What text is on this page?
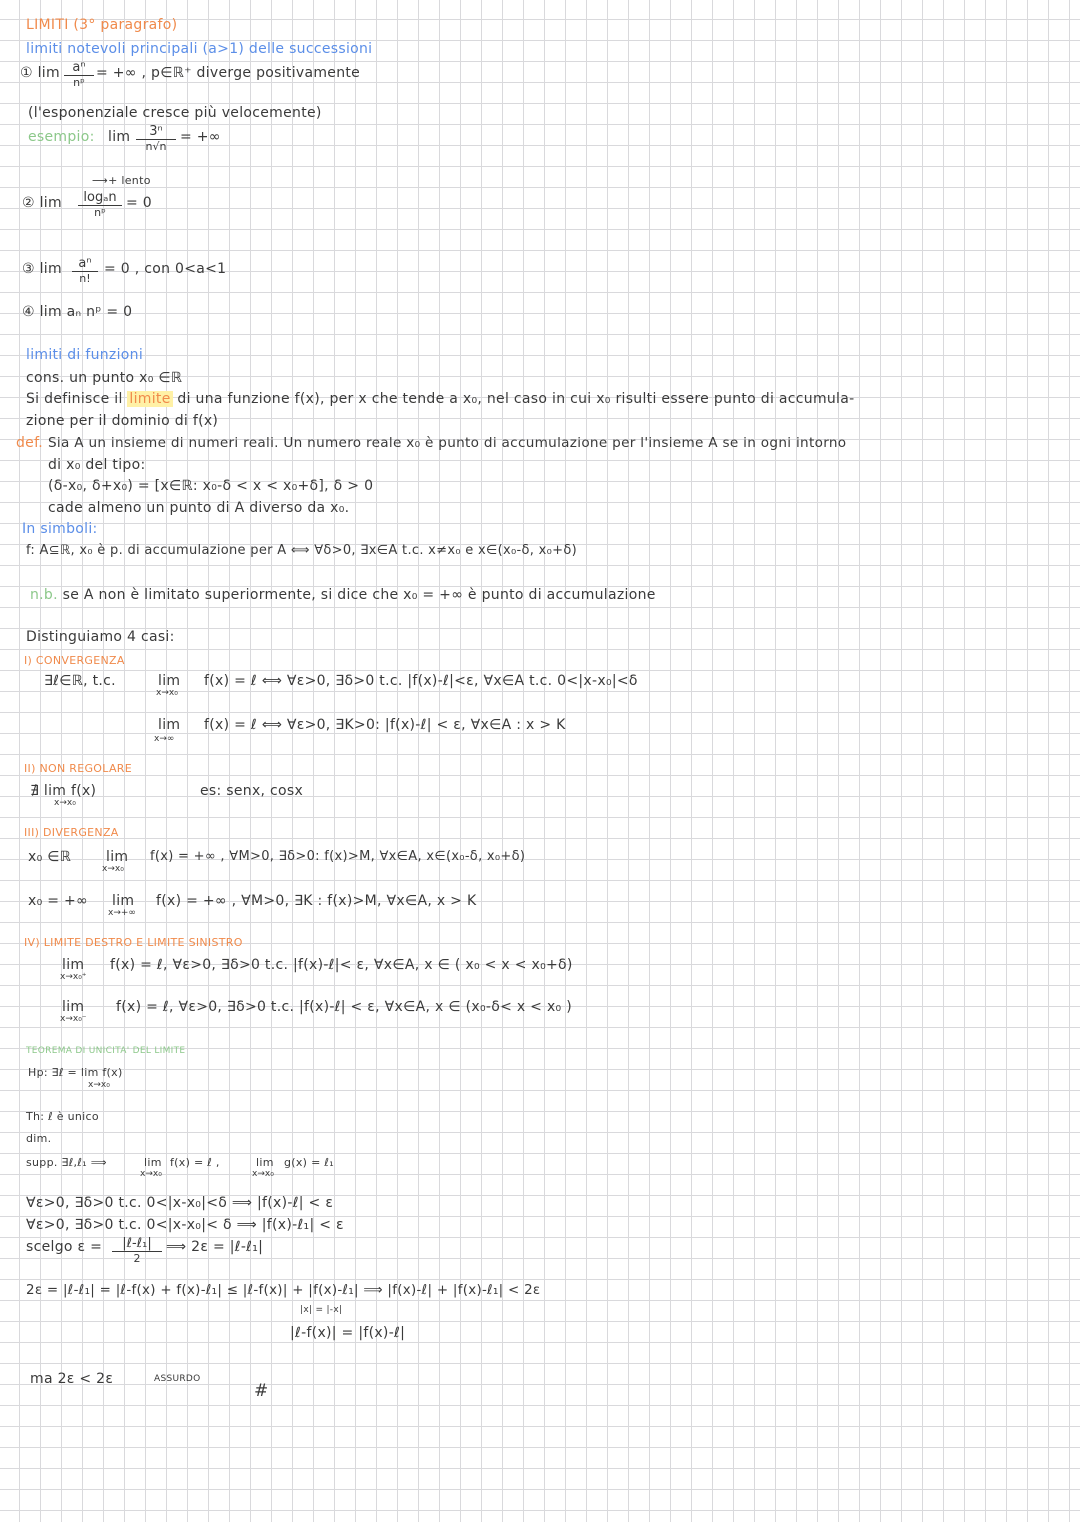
LIMITI (3° paragrafo)
limiti notevoli principali (a>1) delle successioni
① lim aⁿ
nᵖ
= +∞ , p∈ℝ⁺ diverge positivamente
(l'esponenziale cresce più velocemente)
esempio: lim	3ⁿ
n√n
= +∞
⟶+ lento
② lim	logₐn
nᵖ
= 0
③ lim	aⁿ
n!
= 0 , con 0<a<1
④ lim aₙ nᵖ = 0
limiti di funzioni
cons. un punto x₀ ∈ℝ
Si definisce il limite di una funzione f(x), per x che tende a x₀, nel caso in cui x₀ risulti essere punto di accumula-
zione per il dominio di f(x)
def. Sia A un insieme di numeri reali. Un numero reale x₀ è punto di accumulazione per l'insieme A se in ogni intorno
di x₀ del tipo:
(δ-x₀, δ+x₀) = [x∈ℝ: x₀-δ < x < x₀+δ], δ > 0
cade almeno un punto di A diverso da x₀.
In simboli:
f: A⊆ℝ, x₀ è p. di accumulazione per A ⟺ ∀δ>0, ∃x∈A t.c. x≠x₀ e x∈(x₀-δ, x₀+δ)
n.b. se A non è limitato superiormente, si dice che x₀ = +∞ è punto di accumulazione
Distinguiamo 4 casi:
I) CONVERGENZA
∃ℓ∈ℝ, t.c.	lim
x→x₀
f(x) = ℓ ⟺ ∀ε>0, ∃δ>0 t.c. |f(x)-ℓ|<ε, ∀x∈A t.c. 0<|x-x₀|<δ
lim
x→∞
f(x) = ℓ ⟺ ∀ε>0, ∃K>0: |f(x)-ℓ| < ε, ∀x∈A : x > K
II) NON REGOLARE
∄ lim f(x)
x→x₀
es: senx, cosx
III) DIVERGENZA
x₀ ∈ℝ lim
x→x₀
f(x) = +∞ , ∀M>0, ∃δ>0: f(x)>M, ∀x∈A, x∈(x₀-δ, x₀+δ)
x₀ = +∞ lim
x→+∞
f(x) = +∞ , ∀M>0, ∃K : f(x)>M, ∀x∈A, x > K
IV) LIMITE DESTRO E LIMITE SINISTRO
lim
x→x₀⁺
f(x) = ℓ, ∀ε>0, ∃δ>0 t.c. |f(x)-ℓ|< ε, ∀x∈A, x ∈ ( x₀ < x < x₀+δ)
lim
x→x₀⁻
f(x) = ℓ, ∀ε>0, ∃δ>0 t.c. |f(x)-ℓ| < ε, ∀x∈A, x ∈ (x₀-δ< x < x₀ )
TEOREMA DI UNICITA' DEL LIMITE
Hp: ∃ℓ = lim f(x)
x→x₀
Th: ℓ è unico
dim.
supp. ∃ℓ,ℓ₁ ⟹	lim
x→x₀
f(x) = ℓ ,	lim
x→x₀
g(x) = ℓ₁
∀ε>0, ∃δ>0 t.c. 0<|x-x₀|<δ ⟹ |f(x)-ℓ| < ε
∀ε>0, ∃δ>0 t.c. 0<|x-x₀|< δ ⟹ |f(x)-ℓ₁| < ε
scelgo ε =	|ℓ-ℓ₁|
2
⟹ 2ε = |ℓ-ℓ₁|
2ε = |ℓ-ℓ₁| = |ℓ-f(x) + f(x)-ℓ₁| ≤ |ℓ-f(x)| + |f(x)-ℓ₁| ⟹ |f(x)-ℓ| + |f(x)-ℓ₁| < 2ε
|x| = |-x|
|ℓ-f(x)| = |f(x)-ℓ|
ma 2ε < 2ε	ASSURDO
#
